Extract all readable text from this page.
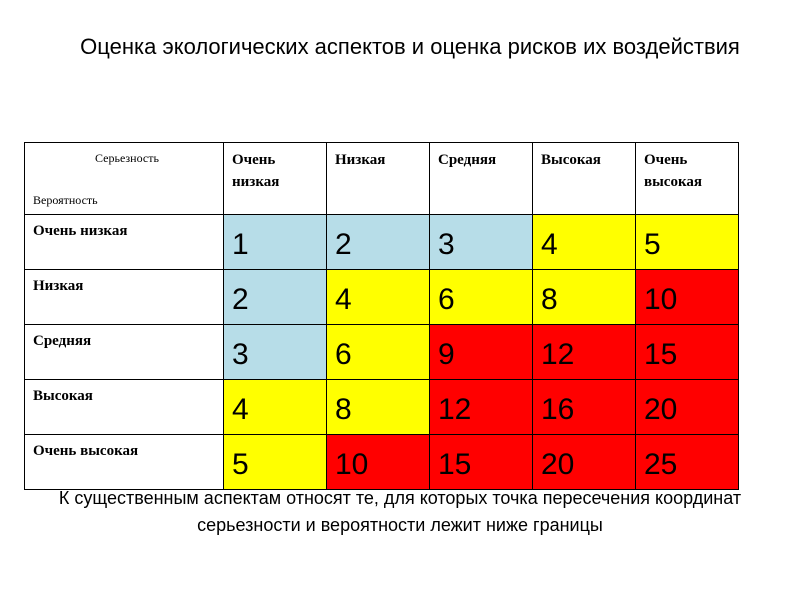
Оценка экологических аспектов и оценка рисков их воздействия
Серьезность
Вероятность	Очень низкая	Низкая	Средняя	Высокая	Очень высокая
Очень низкая	1	2	3	4	5
Низкая	2	4	6	8	10
Средняя	3	6	9	12	15
Высокая	4	8	12	16	20
Очень высокая	5	10	15	20	25
К существенным аспектам относят те, для которых точка пересечения координат серьезности и вероятности лежит ниже границы
